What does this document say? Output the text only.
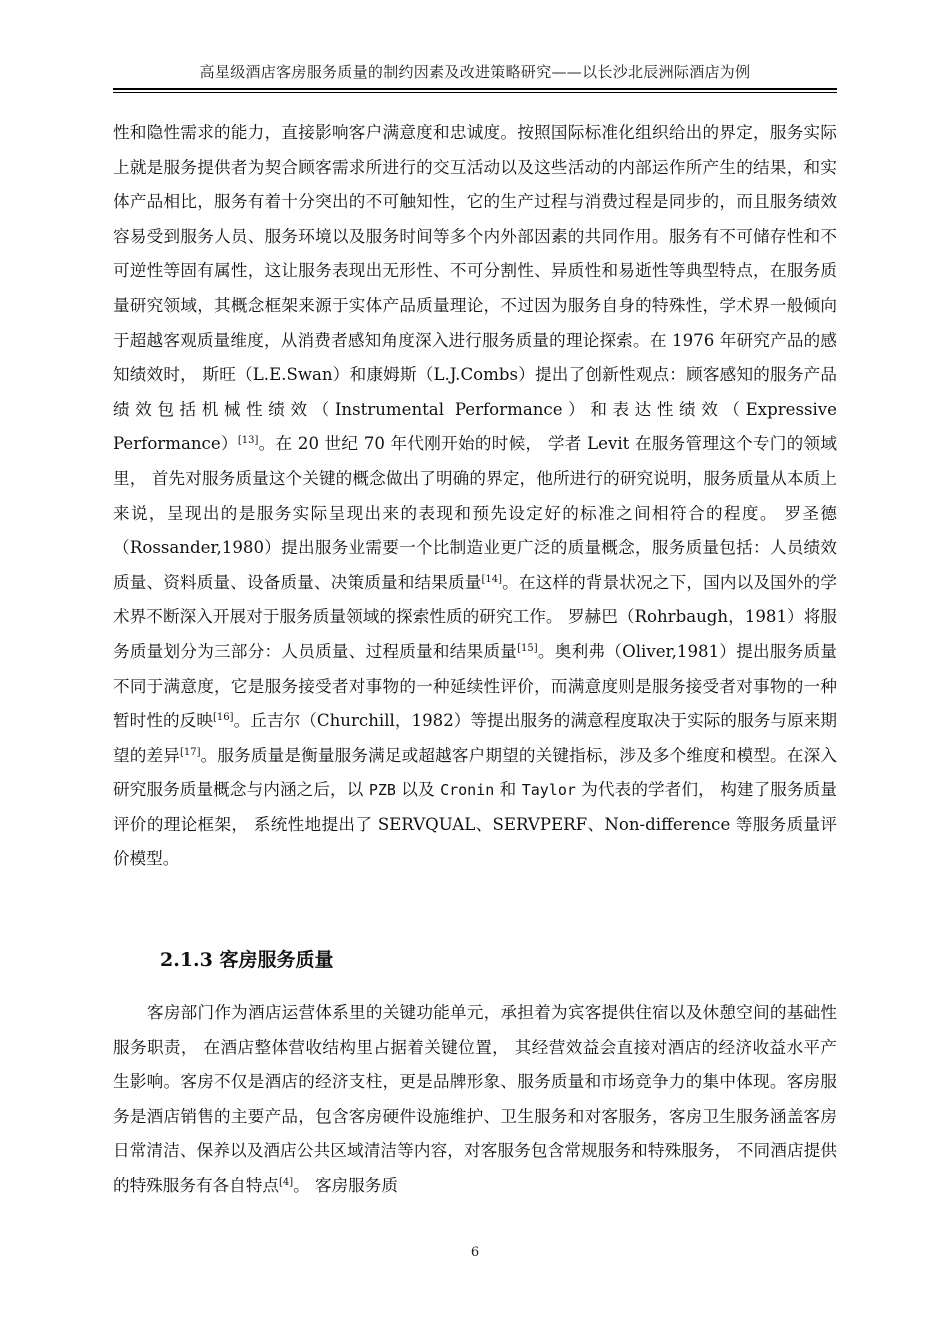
高星级酒店客房服务质量的制约因素及改进策略研究——以长沙北辰洲际酒店为例

性和隐性需求的能力，直接影响客户满意度和忠诚度。按照国际标准化组织给出的界定，服务实际上就是服务提供者为契合顾客需求所进行的交互活动以及这些活动的内部运作所产生的结果，和实体产品相比，服务有着十分突出的不可触知性，它的生产过程与消费过程是同步的，而且服务绩效容易受到服务人员、服务环境以及服务时间等多个内外部因素的共同作用。服务有不可储存性和不可逆性等固有属性，这让服务表现出无形性、不可分割性、异质性和易逝性等典型特点，在服务质量研究领域，其概念框架来源于实体产品质量理论，不过因为服务自身的特殊性，学术界一般倾向于超越客观质量维度，从消费者感知角度深入进行服务质量的理论探索。在 1976 年研究产品的感知绩效时， 斯旺（L.E.Swan）和康姆斯（L.J.Combs）提出了创新性观点：顾客感知的服务产品绩效包括机械性绩效（Instrumental Performance）和表达性绩效（Expressive Performance）[13]。在 20 世纪 70 年代刚开始的时候， 学者 Levit 在服务管理这个专门的领域里， 首先对服务质量这个关键的概念做出了明确的界定，他所进行的研究说明，服务质量从本质上来说，呈现出的是服务实际呈现出来的表现和预先设定好的标准之间相符合的程度。 罗圣德（Rossander,1980）提出服务业需要一个比制造业更广泛的质量概念，服务质量包括：人员绩效质量、资料质量、设备质量、决策质量和结果质量[14]。在这样的背景状况之下，国内以及国外的学术界不断深入开展对于服务质量领域的探索性质的研究工作。 罗赫巴（Rohrbaugh，1981）将服务质量划分为三部分：人员质量、过程质量和结果质量[15]。奥利弗（Oliver,1981）提出服务质量不同于满意度，它是服务接受者对事物的一种延续性评价，而满意度则是服务接受者对事物的一种暂时性的反映[16]。丘吉尔（Churchill，1982）等提出服务的满意程度取决于实际的服务与原来期望的差异[17]。服务质量是衡量服务满足或超越客户期望的关键指标，涉及多个维度和模型。在深入研究服务质量概念与内涵之后，以 PZB 以及 Cronin 和 Taylor 为代表的学者们， 构建了服务质量评价的理论框架， 系统性地提出了 SERVQUAL、SERVPERF、Non-difference 等服务质量评价模型。

2.1.3 客房服务质量

客房部门作为酒店运营体系里的关键功能单元，承担着为宾客提供住宿以及休憩空间的基础性服务职责， 在酒店整体营收结构里占据着关键位置， 其经营效益会直接对酒店的经济收益水平产生影响。客房不仅是酒店的经济支柱，更是品牌形象、服务质量和市场竞争力的集中体现。客房服务是酒店销售的主要产品，包含客房硬件设施维护、卫生服务和对客服务，客房卫生服务涵盖客房日常清洁、保养以及酒店公共区域清洁等内容，对客服务包含常规服务和特殊服务， 不同酒店提供的特殊服务有各自特点[4]。 客房服务质

6
